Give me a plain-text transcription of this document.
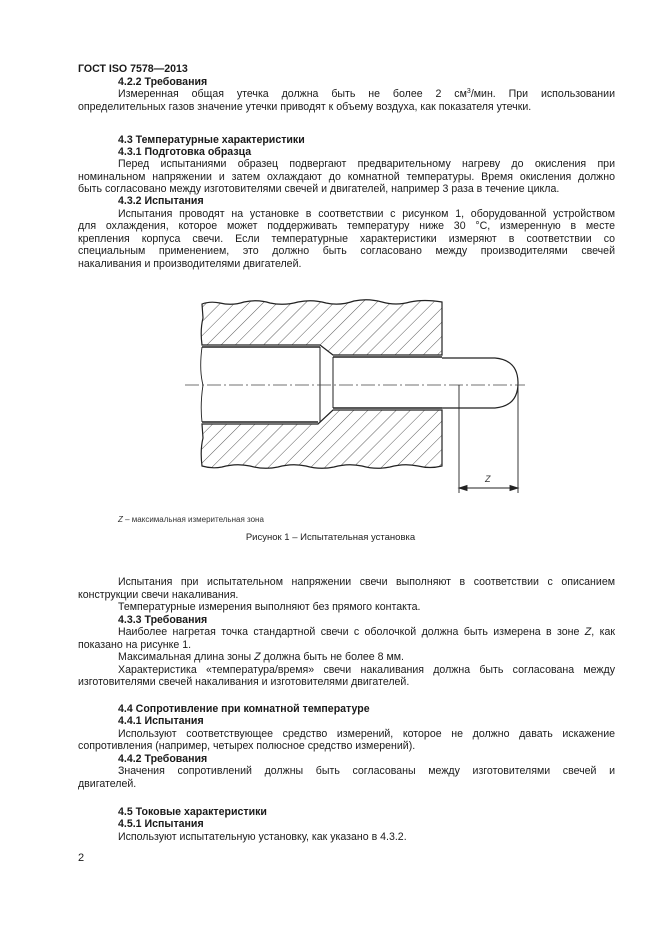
ГОСТ ISO 7578—2013
4.2.2 Требования
Измеренная общая утечка должна быть не более 2 $см^3$/мин. При использовании
определительных газов значение утечки приводят к объему воздуха, как показателя утечки.
4.3 Температурные характеристики
4.3.1 Подготовка образца
Перед испытаниями образец подвергают предварительному нагреву до окисления при
номинальном напряжении и затем охлаждают до комнатной температуры. Время окисления должно
быть согласовано между изготовителями свечей и двигателей, например 3 раза в течение цикла.
4.3.2 Испытания
Испытания проводят на установке в соответствии с рисунком 1, оборудованной устройством
для охлаждения, которое может поддерживать температуру ниже 30 °С, измеренную в месте
крепления корпуса свечи. Если температурные характеристики измеряют в соответствии со
специальным применением, это должно быть согласовано между производителями свечей
накаливания и производителями двигателей.
Z
Z – максимальная измерительная зона
Рисунок 1 – Испытательная установка
Испытания при испытательном напряжении свечи выполняют в соответствии с описанием
конструкции свечи накаливания.
Температурные измерения выполняют без прямого контакта.
4.3.3 Требования
Наиболее нагретая точка стандартной свечи с оболочкой должна быть измерена в зоне Z, как
показано на рисунке 1.
Максимальная длина зоны Z должна быть не более 8 мм.
Характеристика «температура/время» свечи накаливания должна быть согласована между
изготовителями свечей накаливания и изготовителями двигателей.
4.4 Сопротивление при комнатной температуре
4.4.1 Испытания
Используют соответствующее средство измерений, которое не должно давать искажение
сопротивления (например, четырех полюсное средство измерений).
4.4.2 Требования
Значения сопротивлений должны быть согласованы между изготовителями свечей и
двигателей.
4.5 Токовые характеристики
4.5.1 Испытания
Используют испытательную установку, как указано в 4.3.2.
2
